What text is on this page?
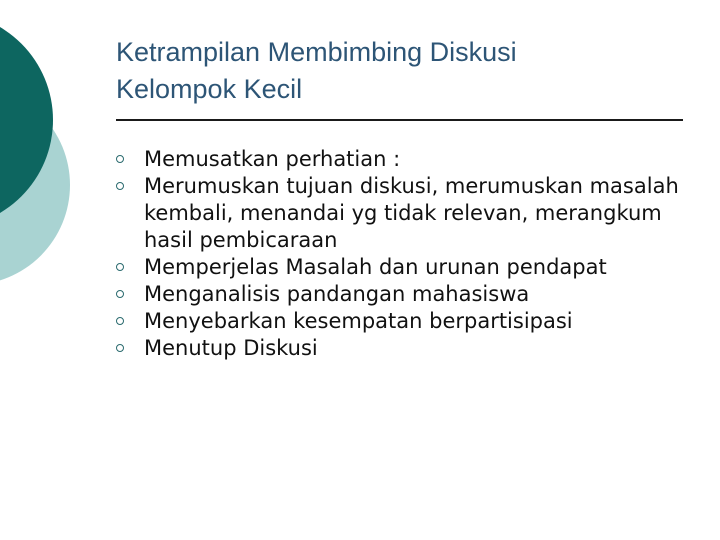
Ketrampilan Membimbing Diskusi
Kelompok Kecil
Memusatkan perhatian :
Merumuskan tujuan diskusi, merumuskan masalah kembali, menandai yg tidak relevan, merangkum hasil pembicaraan
Memperjelas Masalah dan urunan pendapat
Menganalisis pandangan mahasiswa
Menyebarkan kesempatan berpartisipasi
Menutup Diskusi
